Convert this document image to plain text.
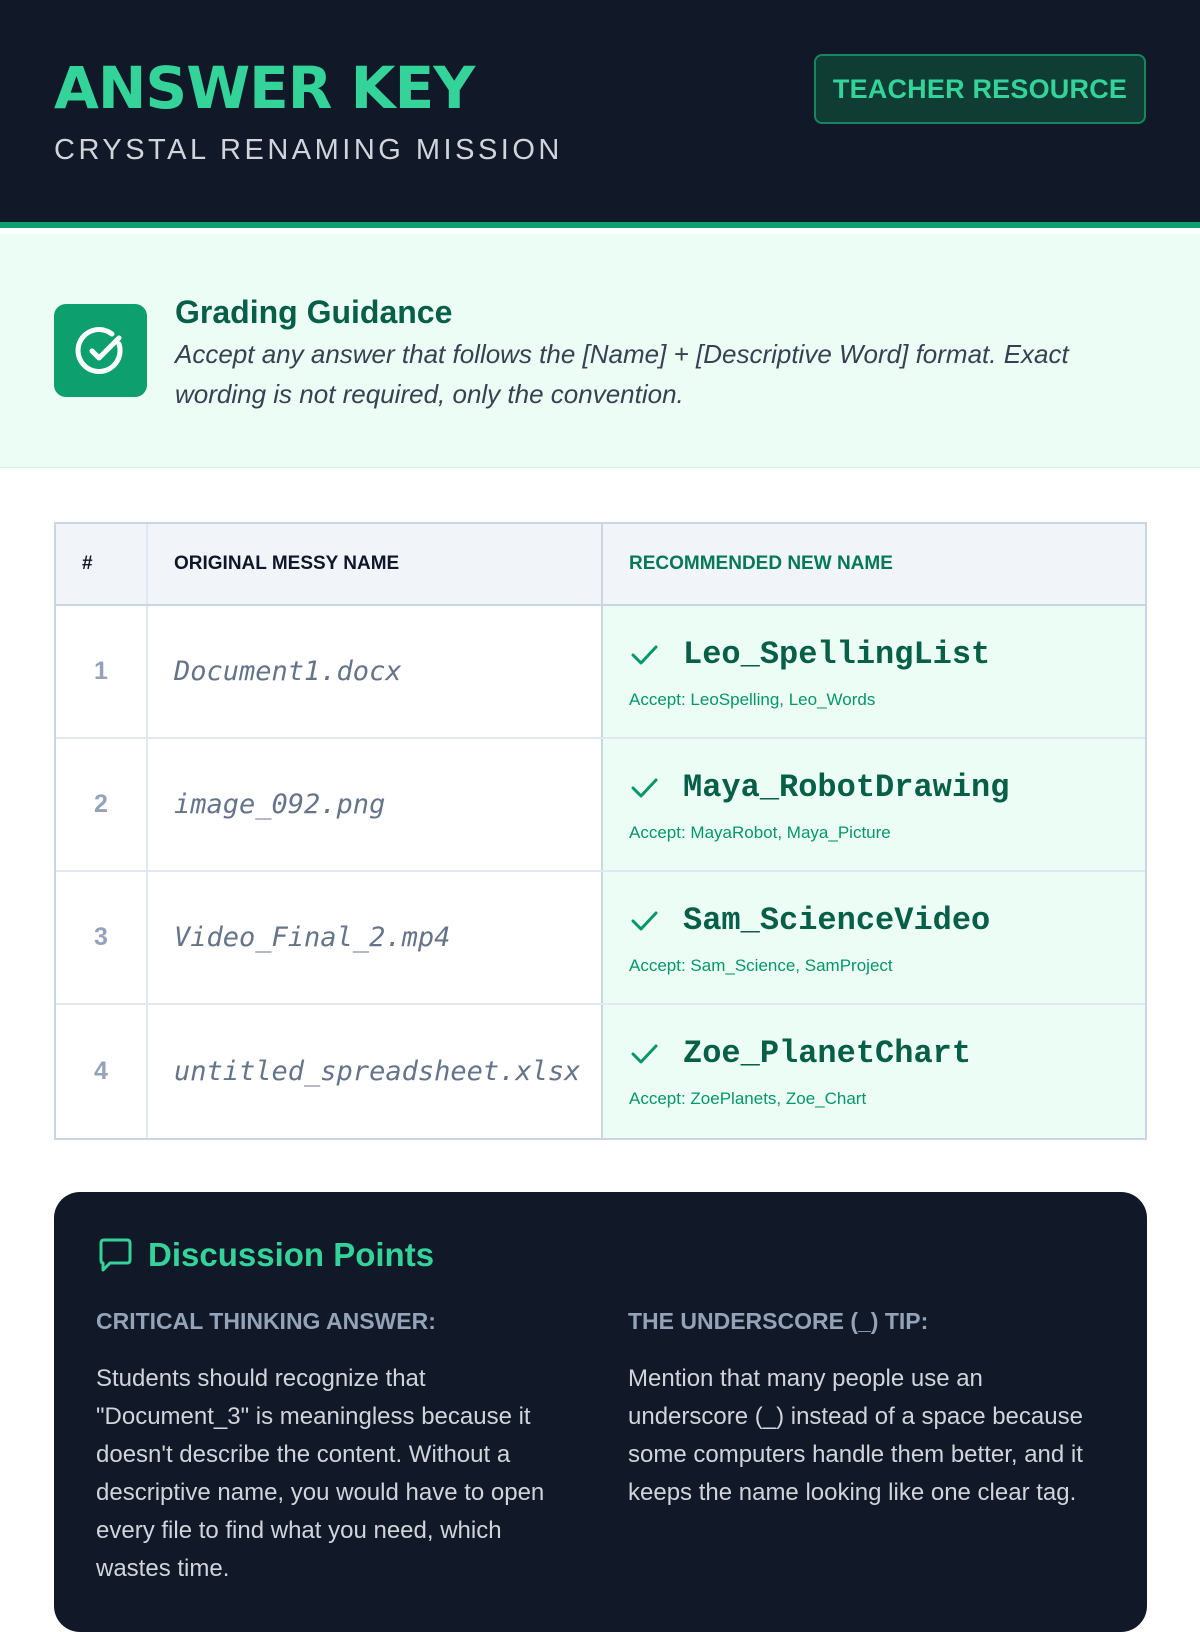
ANSWER KEY
CRYSTAL RENAMING MISSION
TEACHER RESOURCE
Grading Guidance
Accept any answer that follows the [Name] + [Descriptive Word] format. Exact wording is not required, only the convention.
#	ORIGINAL MESSY NAME	RECOMMENDED NEW NAME
1	Document1.docx	Leo_SpellingList
Accept: LeoSpelling, Leo_Words
2	image_092.png	Maya_RobotDrawing
Accept: MayaRobot, Maya_Picture
3	Video_Final_2.mp4	Sam_ScienceVideo
Accept: Sam_Science, SamProject
4	untitled_spreadsheet.xlsx	Zoe_PlanetChart
Accept: ZoePlanets, Zoe_Chart
Discussion Points
CRITICAL THINKING ANSWER:
Students should recognize that "Document_3" is meaningless because it doesn't describe the content. Without a descriptive name, you would have to open every file to find what you need, which wastes time.
THE UNDERSCORE (_) TIP:
Mention that many people use an underscore (_) instead of a space because some computers handle them better, and it keeps the name looking like one clear tag.
